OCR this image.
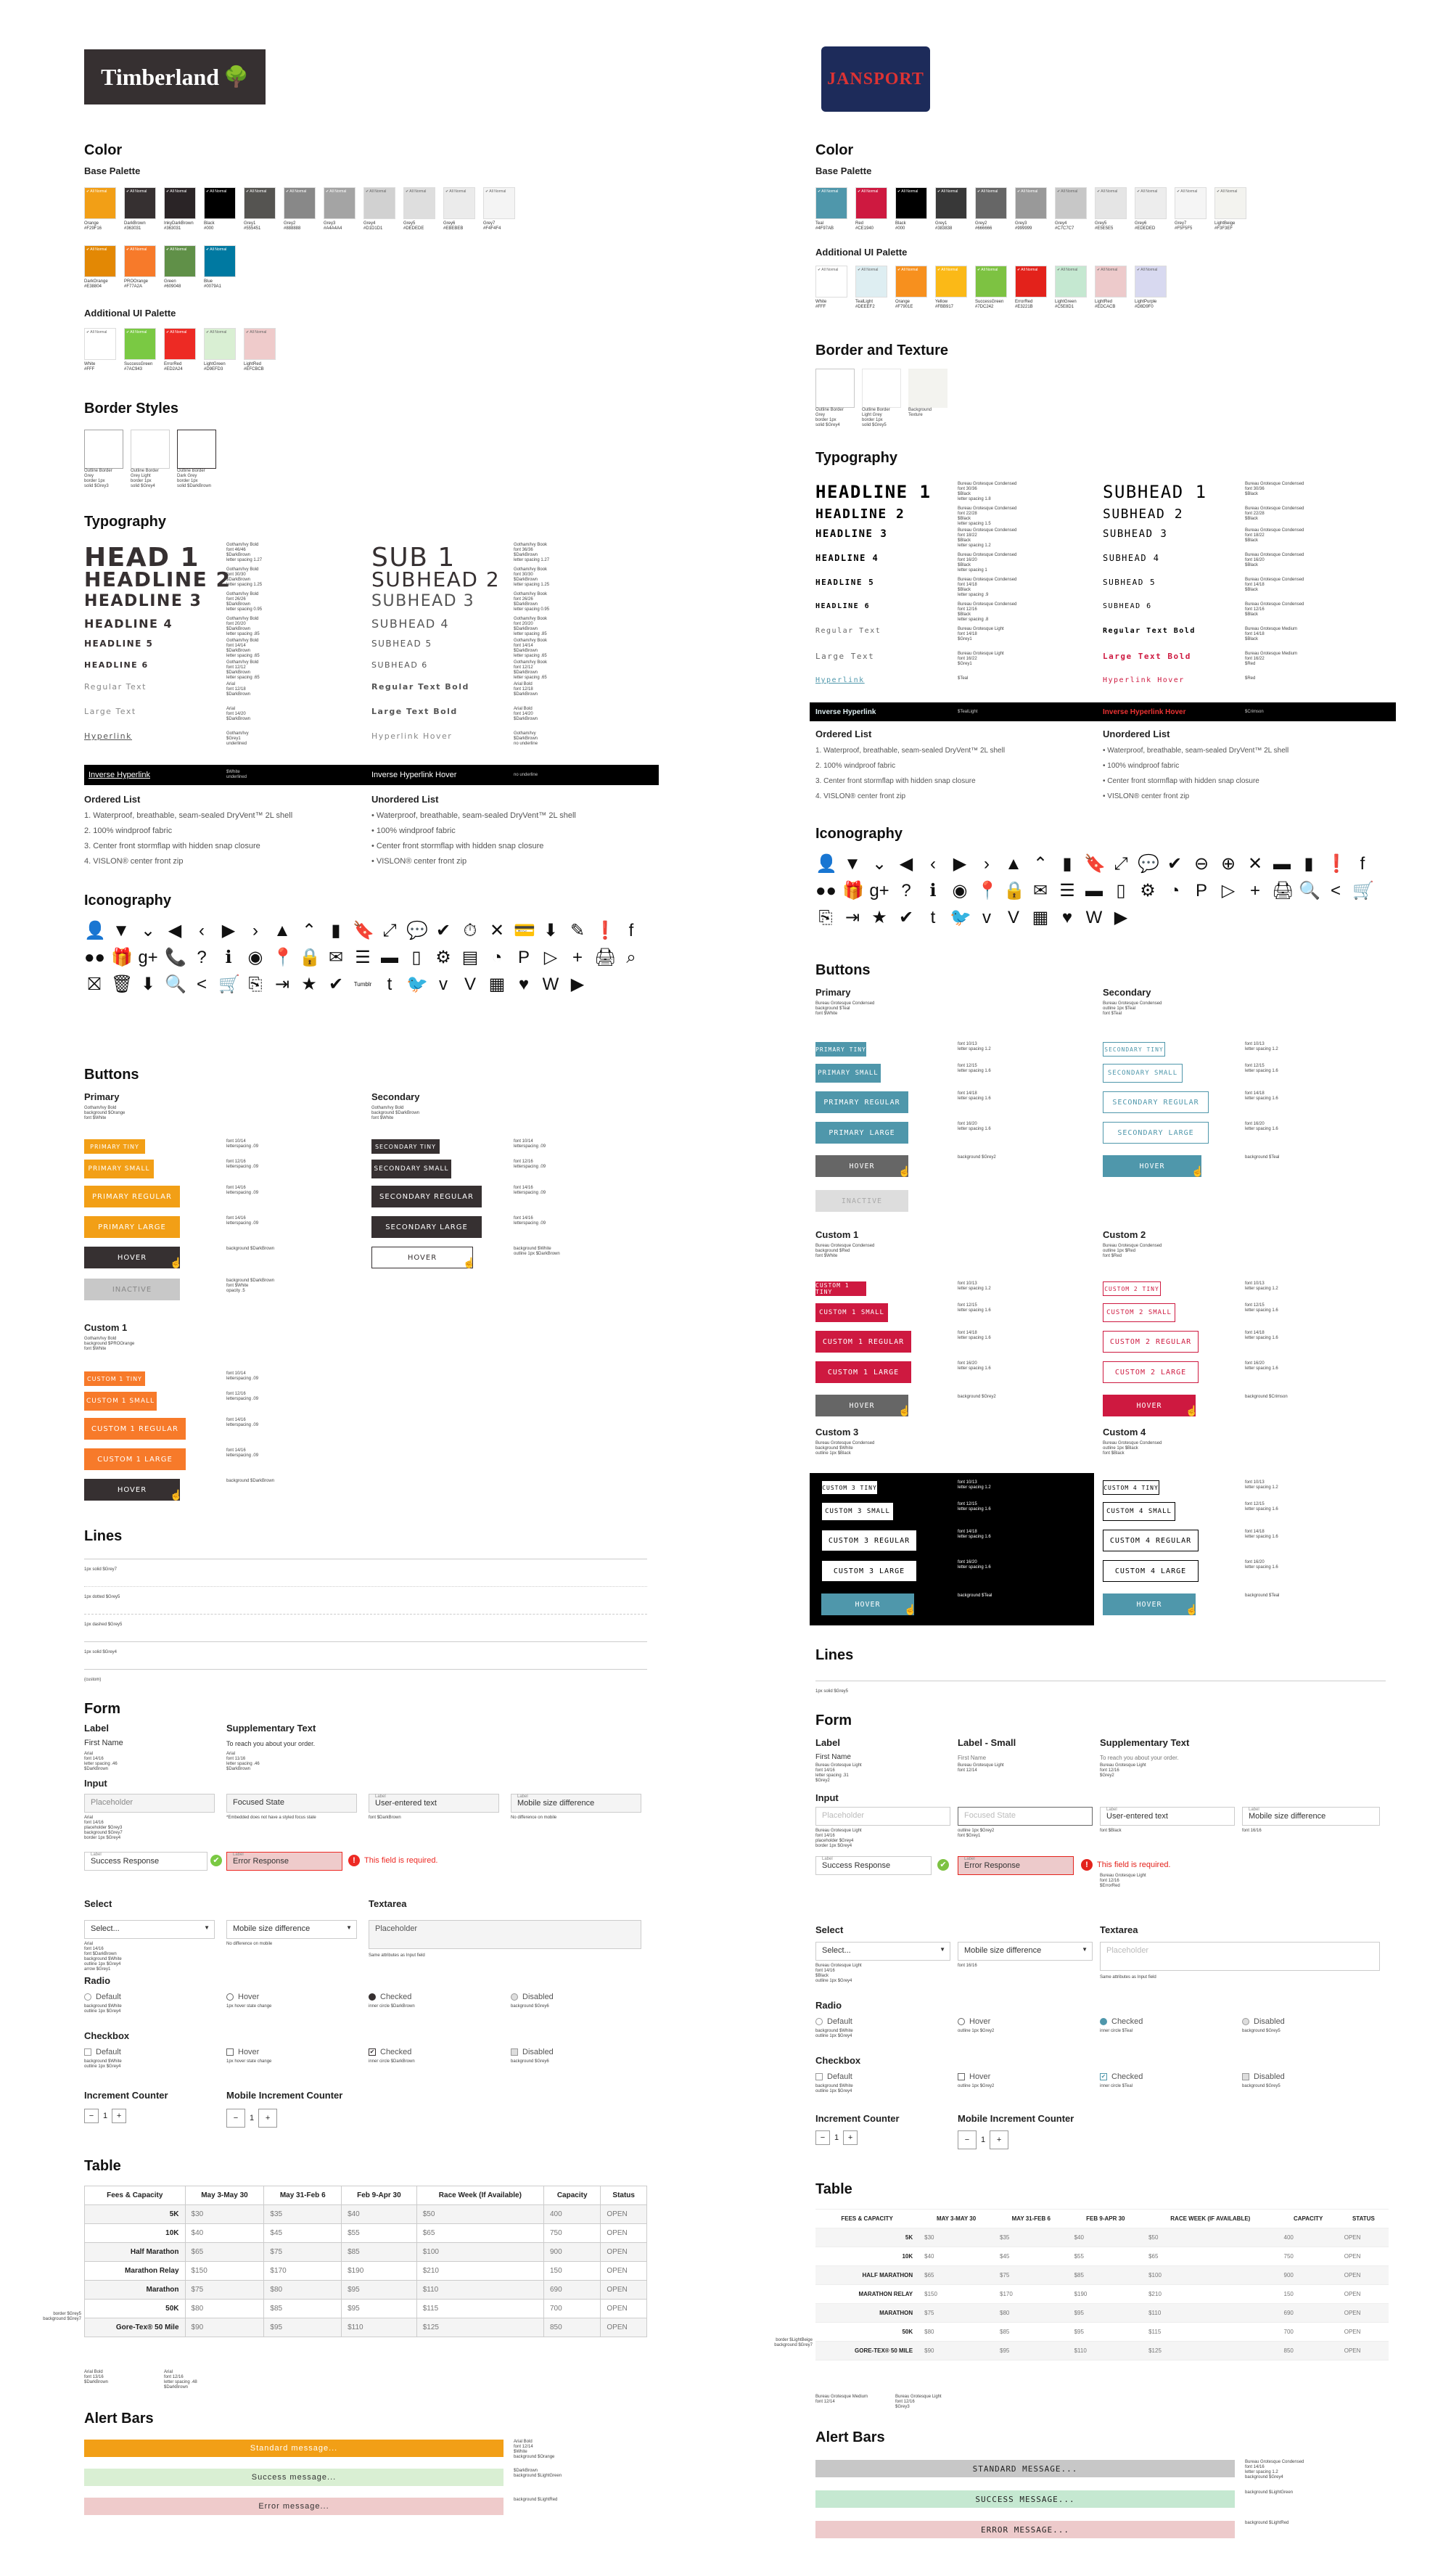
Timberland 🌳
Color
Base Palette
✔ All Normal
Orange
#F29F16
✔ All Normal
DarkBrown
#363031
✔ All Normal
InkyDarkBrown
#363031
✔ All Normal
Black
#000
✔ All Normal
Grey1
#555451
✔ All Normal
Grey2
#888888
✔ All Normal
Grey3
#A4A4A4
✔ All Normal
Grey4
#D1D1D1
✔ All Normal
Grey5
#DEDEDE
✔ All Normal
Grey6
#EBEBEB
✔ All Normal
Grey7
#F4F4F4
✔ All Normal
DarkOrange
#E38804
✔ All Normal
PROOrange
#F77A2A
✔ All Normal
Green
#609048
✔ All Normal
Blue
#0079A1
Additional UI Palette
✔ All Normal
White
#FFF
✔ All Normal
SuccessGreen
#7AC943
✔ All Normal
ErrorRed
#ED2A24
✔ All Normal
LightGreen
#D9EFD3
✔ All Normal
LightRed
#EFCBCB
Border Styles
Outline Border
Grey
border 1px
solid $Grey3
Outline Border
Grey Light
border 1px
solid $Grey4
Outline Border
Dark Grey
border 1px
solid $DarkBrown
Typography
HEAD 1	Gotham/Ivy Bold
font 46/46
$DarkBrown
letter spacing 1.27	SUB 1	Gotham/Ivy Book
font 36/36
$DarkBrown
letter spacing 1.27
HEADLINE 2
Gotham/Ivy Bold
font 30/30
$DarkBrown
letter spacing 1.25	SUBHEAD 2	Gotham/Ivy Book
font 30/30
$DarkBrown
letter spacing 1.25
HEADLINE 3	Gotham/Ivy Bold
font 26/26
$DarkBrown
letter spacing 0.95	SUBHEAD 3	Gotham/Ivy Book
font 26/26
$DarkBrown
letter spacing 0.95
HEADLINE 4	Gotham/Ivy Bold
font 20/20
$DarkBrown
letter spacing .85
SUBHEAD 4	Gotham/Ivy Book
font 20/20
$DarkBrown
letter spacing .85
HEADLINE 5	Gotham/Ivy Bold
font 14/14
$DarkBrown
letter spacing .65
SUBHEAD 5	Gotham/Ivy Book
font 14/14
$DarkBrown
letter spacing .65
HEADLINE 6	Gotham/Ivy Bold
font 12/12
$DarkBrown
letter spacing .65
SUBHEAD 6	Gotham/Ivy Book
font 12/12
$DarkBrown
letter spacing .65
Regular Text	Arial
font 12/18
$DarkBrown
Regular Text Bold	Arial Bold
font 12/18
$DarkBrown
Large Text	Arial
font 14/20
$DarkBrown
Large Text Bold	Arial Bold
font 14/20
$DarkBrown
Hyperlink	Gotham/Ivy
$Grey1
underlined
Hyperlink Hover	Gotham/Ivy
$DarkBrown
no underline
Inverse Hyperlink	$White
underlined	Inverse Hyperlink Hover	no underline
Ordered List
1. Waterproof, breathable, seam-sealed DryVent™ 2L shell
2. 100% windproof fabric
3. Center front stormflap with hidden snap closure
4. VISLON® center front zip
Unordered List
• Waterproof, breathable, seam-sealed DryVent™ 2L shell
• 100% windproof fabric
• Center front stormflap with hidden snap closure
• VISLON® center front zip
Iconography
👤 ▼ ⌄ ◀ ‹ ▶ › ▲ ⌃ ▮ 🔖 ⤢ 💬 ✔ ⏱ ✕ 💳 ⬇ ✎ ❗ f
●● 🎁 g+ 📞 ?	ℹ ◉ 📍 🔒 ✉ ☰ ▬ ▯ ⚙ ▤ ◔ P ▷ + 🖨 ⌕
⛝ 🗑 ⬇ 🔍 < 🛒 ⎘ ⇥ ★ ✔	Tumblr t 🐦 v V ▦ ♥ W ▶
Buttons
Primary
Gotham/Ivy Bold
background $Orange
font $White
Secondary
Gotham/Ivy Bold
background $DarkBrown
font $White
PRIMARY TINY
font 10/14
letterspacing .09
PRIMARY SMALL
font 12/16
letterspacing .09
PRIMARY REGULAR
font 14/16
letterspacing .09
PRIMARY LARGE
font 14/16
letterspacing .09
HOVER	☝
background $DarkBrown
INACTIVE
background $DarkBrown
font $White
opacity .5
SECONDARY TINY
font 10/14
letterspacing .09
SECONDARY SMALL
font 12/16
letterspacing .09
SECONDARY REGULAR
font 14/16
letterspacing .09
SECONDARY LARGE
font 14/16
letterspacing .09
HOVER	☝
background $White
outline 1px $DarkBrown
CUSTOM 1 TINY
font 10/14
letterspacing .09
CUSTOM 1 SMALL
font 12/16
letterspacing .09
CUSTOM 1 REGULAR
font 14/16
letterspacing .09
CUSTOM 1 LARGE
font 14/16
letterspacing .09
HOVER	☝
background $DarkBrown
Custom 1
Gotham/Ivy Bold
background $PROOrange
font $White
Lines
1px solid $Grey7
1px dotted $Grey5
1px dashed $Grey5
1px solid $Grey4
(custom)
Form
Label
First Name
Arial
font 14/16
letter spacing .46
$DarkBrown
Supplementary Text
To reach you about your order.
Arial
font 11/16
letter spacing .46
$DarkBrown
Input
Placeholder
Arial
font 14/16
placeholder $Grey3
background $Grey7
border 1px $Grey4
Focused State
*Embedded does not have a styled focus state
Label
User-entered text
font $DarkBrown
Label
Mobile size difference
No difference on mobile
Label
Success Response	✔
Label
Error Response	!	This field is required.
Select
Select...	▼
Arial
font 14/16
font $DarkBrown
background $White
outline 1px $Grey4
arrow $Grey1
Mobile size difference	▼
No difference on mobile
Textarea
Placeholder
Same attributes as Input field
Radio
Default
background $White
outline 1px $Grey4
Hover
1px hover state change
Checked
inner circle $DarkBrown
Disabled
background $Grey6
Checkbox
Default
background $White
outline 1px $Grey4
Hover
1px hover state change
✔ Checked
inner circle $DarkBrown
Disabled
background $Grey6
Increment Counter
−	1	+
Mobile Increment Counter
−	1	+
Table
border $Grey5
background $Grey7
Fees & Capacity	May 3-May 30	May 31-Feb 6	Feb 9-Apr 30	Race Week (If Available)	Capacity	Status
5K	$30	$35	$40	$50	400	OPEN
10K	$40	$45	$55	$65	750	OPEN
Half Marathon	$65	$75	$85	$100	900	OPEN
Marathon Relay	$150	$170	$190	$210	150	OPEN
Marathon	$75	$80	$95	$110	690	OPEN
50K	$80	$85	$95	$115	700	OPEN
Gore-Tex® 50 Mile	$90	$95	$110	$125	850	OPEN
Arial Bold
font 13/16
$DarkBrown
Arial
font 12/16
letter spacing .48
$DarkBrown
Alert Bars
Standard message...
Arial Bold
font 12/14
$White
background $Orange
Success message...
$DarkBrown
background $LightGreen
Error message...
background $LightRed
JANSPORT
Color
Base Palette
✔ All Normal
Teal
#4F97AB
✔ All Normal
Red
#CE1940
✔ All Normal
Black
#000
✔ All Normal
Grey1
#383838
✔ All Normal
Grey2
#666666
✔ All Normal
Grey3
#999999
✔ All Normal
Grey4
#C7C7C7
✔ All Normal
Grey5
#E5E5E5
✔ All Normal
Grey6
#EDEDED
✔ All Normal
Grey7
#F5F5F5
✔ All Normal
LightBeige
#F3F3EF
Additional UI Palette
✔ All Normal
White
#FFF
✔ All Normal
TealLight
#DEEEF2
✔ All Normal
Orange
#F7901E
✔ All Normal
Yellow
#FBB917
✔ All Normal
SuccessGreen
#7DC242
✔ All Normal
ErrorRed
#E3221B
✔ All Normal
LightGreen
#C5E8D1
✔ All Normal
LightRed
#EDCACB
✔ All Normal
LightPurple
#D8D9F0
Border and Texture
Outline Border
Grey
border 1px
solid $Grey4
Outline Border
Light Grey
border 1px
solid $Grey5
Background
Texture
Typography
HEADLINE 1	Bureau Grotesque Condensed
font 30/36
$Black
letter spacing 1.8	SUBHEAD 1	Bureau Grotesque Condensed
font 30/36
$Black
HEADLINE 2	Bureau Grotesque Condensed
font 22/28
$Black
letter spacing 1.5
SUBHEAD 2	Bureau Grotesque Condensed
font 22/28
$Black
HEADLINE 3	Bureau Grotesque Condensed
font 18/22
$Black
letter spacing 1.2
SUBHEAD 3	Bureau Grotesque Condensed
font 18/22
$Black
HEADLINE 4	Bureau Grotesque Condensed
font 16/20
$Black
letter spacing 1
SUBHEAD 4	Bureau Grotesque Condensed
font 16/20
$Black
HEADLINE 5	Bureau Grotesque Condensed
font 14/18
$Black
letter spacing .9
SUBHEAD 5	Bureau Grotesque Condensed
font 14/18
$Black
HEADLINE 6	Bureau Grotesque Condensed
font 12/16
$Black
letter spacing .8
SUBHEAD 6	Bureau Grotesque Condensed
font 12/16
$Black
Regular Text	Bureau Grotesque Light
font 14/18
$Grey1
Regular Text Bold	Bureau Grotesque Medium
font 14/18
$Black
Large Text	Bureau Grotesque Light
font 16/22
$Grey1
Large Text Bold	Bureau Grotesque Medium
font 16/22
$Red
Hyperlink	$Teal	Hyperlink Hover	$Red
Inverse Hyperlink	$TealLight	Inverse Hyperlink Hover	$Crimson
Ordered List
1. Waterproof, breathable, seam-sealed DryVent™ 2L shell
2. 100% windproof fabric
3. Center front stormflap with hidden snap closure
4. VISLON® center front zip
Unordered List
• Waterproof, breathable, seam-sealed DryVent™ 2L shell
• 100% windproof fabric
• Center front stormflap with hidden snap closure
• VISLON® center front zip
Iconography
👤 ▼ ⌄ ◀ ‹ ▶ › ▲ ⌃ ▮ 🔖 ⤢ 💬 ✔ ⊖ ⊕ ✕ ▬ ▮ ❗ f
●● 🎁 g+ ?	ℹ ◉ 📍 🔒 ✉ ☰ ▬ ▯ ⚙ ◔ P ▷ + 🖨 🔍 < 🛒
⎘ ⇥ ★ ✔ t 🐦 v V ▦ ♥ W ▶
Buttons
Primary
Bureau Grotesque Condensed
background $Teal
font $White
Secondary
Bureau Grotesque Condensed
outline 1px $Teal
font $Teal
PRIMARY TINY
font 10/13
letter spacing 1.2
PRIMARY SMALL
font 12/15
letter spacing 1.6
PRIMARY REGULAR
font 14/18
letter spacing 1.6
PRIMARY LARGE
font 16/20
letter spacing 1.6
HOVER	☝
background $Grey2
INACTIVE
SECONDARY TINY
font 10/13
letter spacing 1.2
SECONDARY SMALL
font 12/15
letter spacing 1.6
SECONDARY REGULAR
font 14/18
letter spacing 1.6
SECONDARY LARGE
font 16/20
letter spacing 1.6
HOVER	☝
background $Teal
CUSTOM 1 TINY
font 10/13
letter spacing 1.2
CUSTOM 1 SMALL
font 12/15
letter spacing 1.6
CUSTOM 1 REGULAR
font 14/18
letter spacing 1.6
CUSTOM 1 LARGE
font 16/20
letter spacing 1.6
HOVER	☝
background $Grey2
CUSTOM 2 TINY
font 10/13
letter spacing 1.2
CUSTOM 2 SMALL
font 12/15
letter spacing 1.6
CUSTOM 2 REGULAR
font 14/18
letter spacing 1.6
CUSTOM 2 LARGE
font 16/20
letter spacing 1.6
HOVER	☝
background $Crimson
Custom 1
Bureau Grotesque Condensed
background $Red
font $White
Custom 2
Bureau Grotesque Condensed
outline 1px $Red
font $Red
Custom 3
Bureau Grotesque Condensed
background $White
outline 1px $Black
Custom 4
Bureau Grotesque Condensed
outline 1px $Black
font $Black
CUSTOM 3 TINY
font 10/13
letter spacing 1.2
CUSTOM 3 SMALL
font 12/15
letter spacing 1.6
CUSTOM 3 REGULAR
font 14/18
letter spacing 1.6
CUSTOM 3 LARGE
font 16/20
letter spacing 1.6
HOVER	☝
background $Teal
CUSTOM 4 TINY
font 10/13
letter spacing 1.2
CUSTOM 4 SMALL
font 12/15
letter spacing 1.6
CUSTOM 4 REGULAR
font 14/18
letter spacing 1.6
CUSTOM 4 LARGE
font 16/20
letter spacing 1.6
HOVER	☝
background $Teal
Lines
1px solid $Grey5
Form
Label
First Name
Bureau Grotesque Light
font 14/16
letter spacing .31
$Grey2
Label - Small
First Name
Bureau Grotesque Light
font 12/14
Supplementary Text
To reach you about your order.
Bureau Grotesque Light
font 12/16
$Grey2
Input
Placeholder
Bureau Grotesque Light
font 14/16
placeholder $Grey4
border 1px $Grey4
Focused State
outline 1px $Grey2
font $Grey1
Label
User-entered text
font $Black
Label
Mobile size difference
font 16/16
Label
Success Response	✔
Label
Error Response	!	This field is required.
Bureau Grotesque Light
font 12/16
$ErrorRed
Select
Select...	▼
Bureau Grotesque Light
font 14/16
$Black
outline 1px $Grey4
Mobile size difference	▼
font 16/16
Textarea
Placeholder
Same attributes as Input field
Radio
Default
background $White
outline 1px $Grey4
Hover
outline 1px $Grey2
Checked
inner circle $Teal
Disabled
background $Grey5
Checkbox
Default
background $White
outline 1px $Grey4
Hover
outline 1px $Grey2
✔ Checked
inner circle $Teal
Disabled
background $Grey5
Increment Counter
−	1	+
Mobile Increment Counter
−	1	+
Table
border $LightBeige
background $Grey7
FEES & CAPACITY	MAY 3-MAY 30	MAY 31-FEB 6	FEB 9-APR 30	RACE WEEK (IF AVAILABLE)	CAPACITY	STATUS
5K	$30	$35	$40	$50	400	OPEN
10K	$40	$45	$55	$65	750	OPEN
HALF MARATHON	$65	$75	$85	$100	900	OPEN
MARATHON RELAY	$150	$170	$190	$210	150	OPEN
MARATHON	$75	$80	$95	$110	690	OPEN
50K	$80	$85	$95	$115	700	OPEN
GORE-TEX® 50 MILE	$90	$95	$110	$125	850	OPEN
Bureau Grotesque Medium
font 12/14
Bureau Grotesque Light
font 12/16
$Grey3
Alert Bars
STANDARD MESSAGE...
Bureau Grotesque Condensed
font 14/16
letter spacing 1.2
background $Grey4
SUCCESS MESSAGE...
background $LightGreen
ERROR MESSAGE...
background $LightRed
